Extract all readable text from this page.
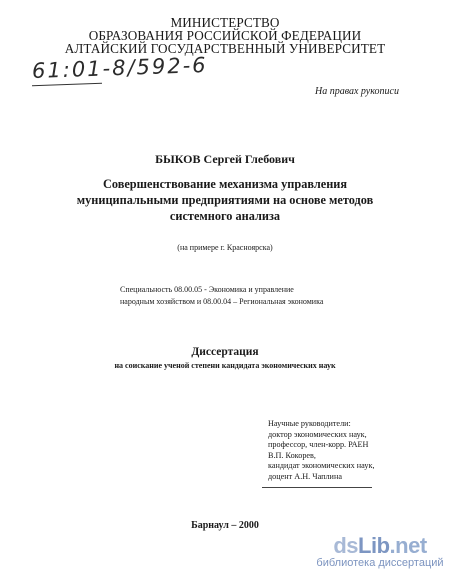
МИНИСТЕРСТВО
ОБРАЗОВАНИЯ РОССИЙСКОЙ ФЕДЕРАЦИИ
АЛТАЙСКИЙ ГОСУДАРСТВЕННЫЙ УНИВЕРСИТЕТ
61:01-8/592-6
На правах рукописи
БЫКОВ Сергей Глебович
Совершенствование механизма управления
муниципальными предприятиями на основе методов
системного анализа
(на примере г. Красноярска)
Специальность 08.00.05 - Экономика и управление
народным хозяйством и 08.00.04 – Региональная экономика
Диссертация
на соискание ученой степени кандидата экономических наук
Научные руководители:
доктор экономических наук,
профессор, член-корр. РАЕН
В.П. Кокорев,
кандидат экономических наук,
доцент А.Н. Чаплина
Барнаул – 2000
dsLib.net
библиотека диссертаций
